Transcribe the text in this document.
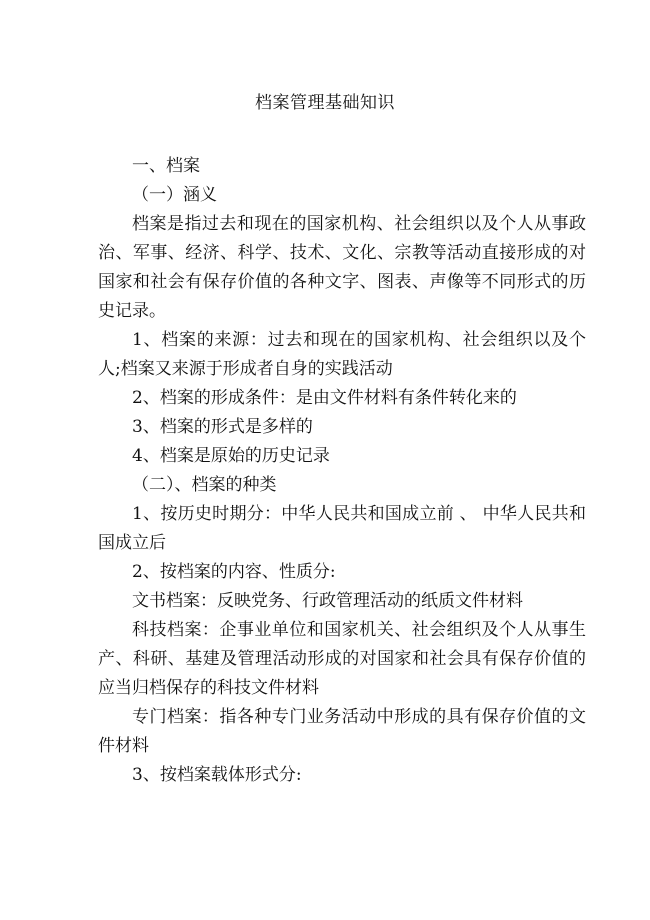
档案管理基础知识

一、档案

（一）涵义

档案是指过去和现在的国家机构、社会组织以及个人从事政治、军事、经济、科学、技术、文化、宗教等活动直接形成的对国家和社会有保存价值的各种文字、图表、声像等不同形式的历史记录。

1、档案的来源：过去和现在的国家机构、社会组织以及个人;档案又来源于形成者自身的实践活动

2、档案的形成条件：是由文件材料有条件转化来的

3、档案的形式是多样的

4、档案是原始的历史记录

（二）、档案的种类

1、按历史时期分：中华人民共和国成立前 、 中华人民共和国成立后

2、按档案的内容、性质分:

文书档案：反映党务、行政管理活动的纸质文件材料

科技档案：企事业单位和国家机关、社会组织及个人从事生产、科研、基建及管理活动形成的对国家和社会具有保存价值的应当归档保存的科技文件材料

专门档案：指各种专门业务活动中形成的具有保存价值的文件材料

3、按档案载体形式分:
